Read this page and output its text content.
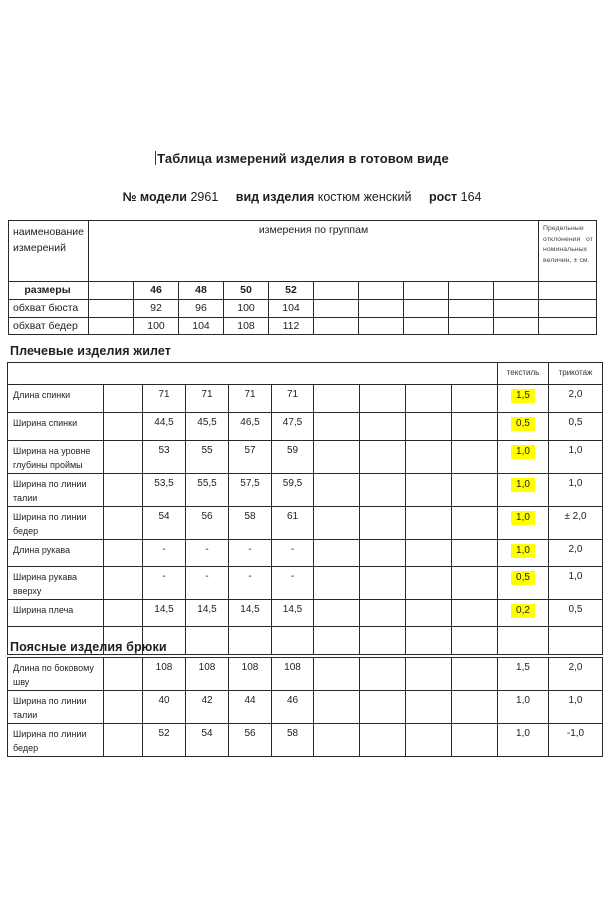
Таблица измерений изделия в готовом виде
№ модели 2961 вид изделия костюм женский рост 164
наименование измерений	измерения по группам										Предельные отклонения от номинальных величин, ± см.
размеры		46	48	50	52						
обхват бюста		92	96	100	104						
обхват бедер		100	104	108	112						
Плечевые изделия жилет
										текстиль	трикотаж
Длина спинки		71	71	71	71					1,5	2,0
Ширина спинки		44,5	45,5	46,5	47,5					0,5	0,5
Ширина на уровне глубины проймы		53	55	57	59					1,0	1,0
Ширина по линии талии		53,5	55,5	57,5	59,5					1,0	1,0
Ширина по линии бедер		54	56	58	61					1,0	± 2,0
Длина рукава		-	-	-	-					1,0	2,0
Ширина рукава вверху		-	-	-	-					0,5	1,0
Ширина плеча		14,5	14,5	14,5	14,5					0,2	0,5

Поясные изделия брюки
Длина по боковому шву		108	108	108	108					1,5	2,0
Ширина по линии талии		40	42	44	46					1,0	1,0
Ширина по линии бедер		52	54	56	58					1,0	-1,0
